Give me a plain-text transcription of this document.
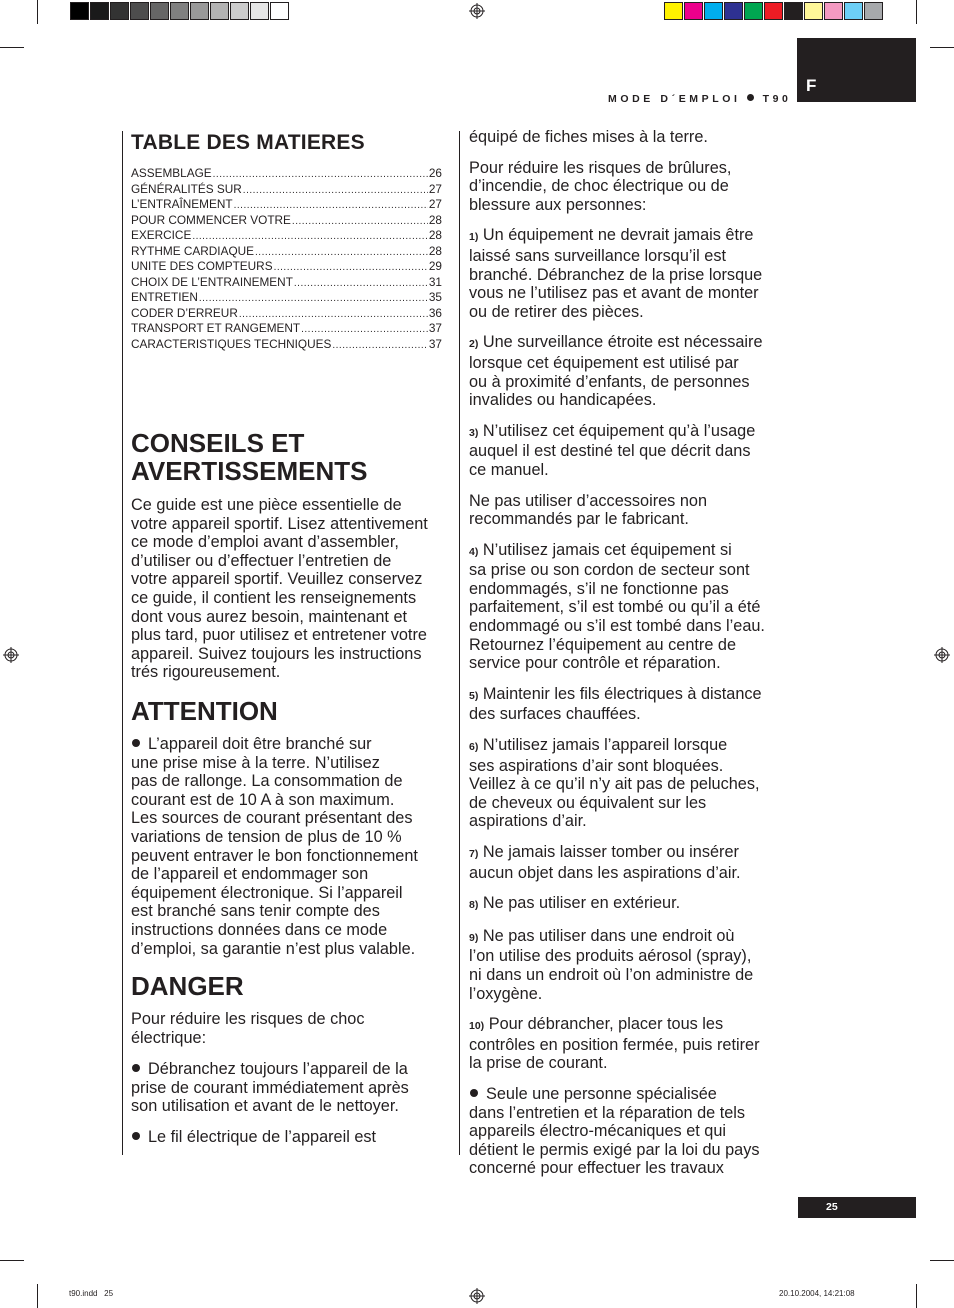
F
MODE D´EMPLOI T90
TABLE DES MATIERES
ASSEMBLAGE .....	26
GÉNÉRALITÉS SUR .....	27
L’ENTRAÎNEMENT .....	27
POUR COMMENCER VOTRE .....	28
EXERCICE .....	28
RYTHME CARDIAQUE .....	28
UNITE DES COMPTEURS .....	29
CHOIX DE L’ENTRAINEMENT .....	31
ENTRETIEN .....	35
CODER D’ERREUR .....	36
TRANSPORT ET RANGEMENT .....	37
CARACTERISTIQUES TECHNIQUES .....	37
CONSEILS ET
AVERTISSEMENTS
Ce guide est une pièce essentielle de
votre appareil sportif. Lisez attentivement
ce mode d’emploi avant d’assembler,
d’utiliser ou d’effectuer l’entretien de
votre appareil sportif. Veuillez conservez
ce guide, il contient les renseignements
dont vous aurez besoin, maintenant et
plus tard, puor utilisez et entretener votre
appareil. Suivez toujours les instructions
trés rigoureusement.
ATTENTION
L’appareil doit être branché sur
une prise mise à la terre. N’utilisez
pas de rallonge. La consommation de
courant est de 10 A à son maximum.
Les sources de courant présentant des
variations de tension de plus de 10 %
peuvent entraver le bon fonctionnement
de l’appareil et endommager son
équipement électronique. Si l’appareil
est branché sans tenir compte des
instructions données dans ce mode
d’emploi, sa garantie n’est plus valable.
DANGER
Pour réduire les risques de choc
électrique:
Débranchez toujours l’appareil de la
prise de courant immédiatement après
son utilisation et avant de le nettoyer.
Le fil électrique de l’appareil est
équipé de fiches mises à la terre.
Pour réduire les risques de brûlures,
d’incendie, de choc électrique ou de
blessure aux personnes:
1) Un équipement ne devrait jamais être
laissé sans surveillance lorsqu’il est
branché. Débranchez de la prise lorsque
vous ne l’utilisez pas et avant de monter
ou de retirer des pièces.
2) Une surveillance étroite est nécessaire
lorsque cet équipement est utilisé par
ou à proximité d’enfants, de personnes
invalides ou handicapées.
3) N’utilisez cet équipement qu’à l’usage
auquel il est destiné tel que décrit dans
ce manuel.
Ne pas utiliser d’accessoires non
recommandés par le fabricant.
4) N’utilisez jamais cet équipement si
sa prise ou son cordon de secteur sont
endommagés, s’il ne fonctionne pas
parfaitement, s’il est tombé ou qu’il a été
endommagé ou s’il est tombé dans l’eau.
Retournez l’équipement au centre de
service pour contrôle et réparation.
5) Maintenir les fils électriques à distance
des surfaces chauffées.
6) N’utilisez jamais l’appareil lorsque
ses aspirations d’air sont bloquées.
Veillez à ce qu’il n’y ait pas de peluches,
de cheveux ou équivalent sur les
aspirations d’air.
7) Ne jamais laisser tomber ou insérer
aucun objet dans les aspirations d’air.
8) Ne pas utiliser en extérieur.
9) Ne pas utiliser dans une endroit où
l’on utilise des produits aérosol (spray),
ni dans un endroit où l’on administre de
l’oxygène.
10) Pour débrancher, placer tous les
contrôles en position fermée, puis retirer
la prise de courant.
Seule une personne spécialisée
dans l’entretien et la réparation de tels
appareils électro-mécaniques et qui
détient le permis exigé par la loi du pays
concerné pour effectuer les travaux
25
t90.indd   25	20.10.2004, 14:21:08
